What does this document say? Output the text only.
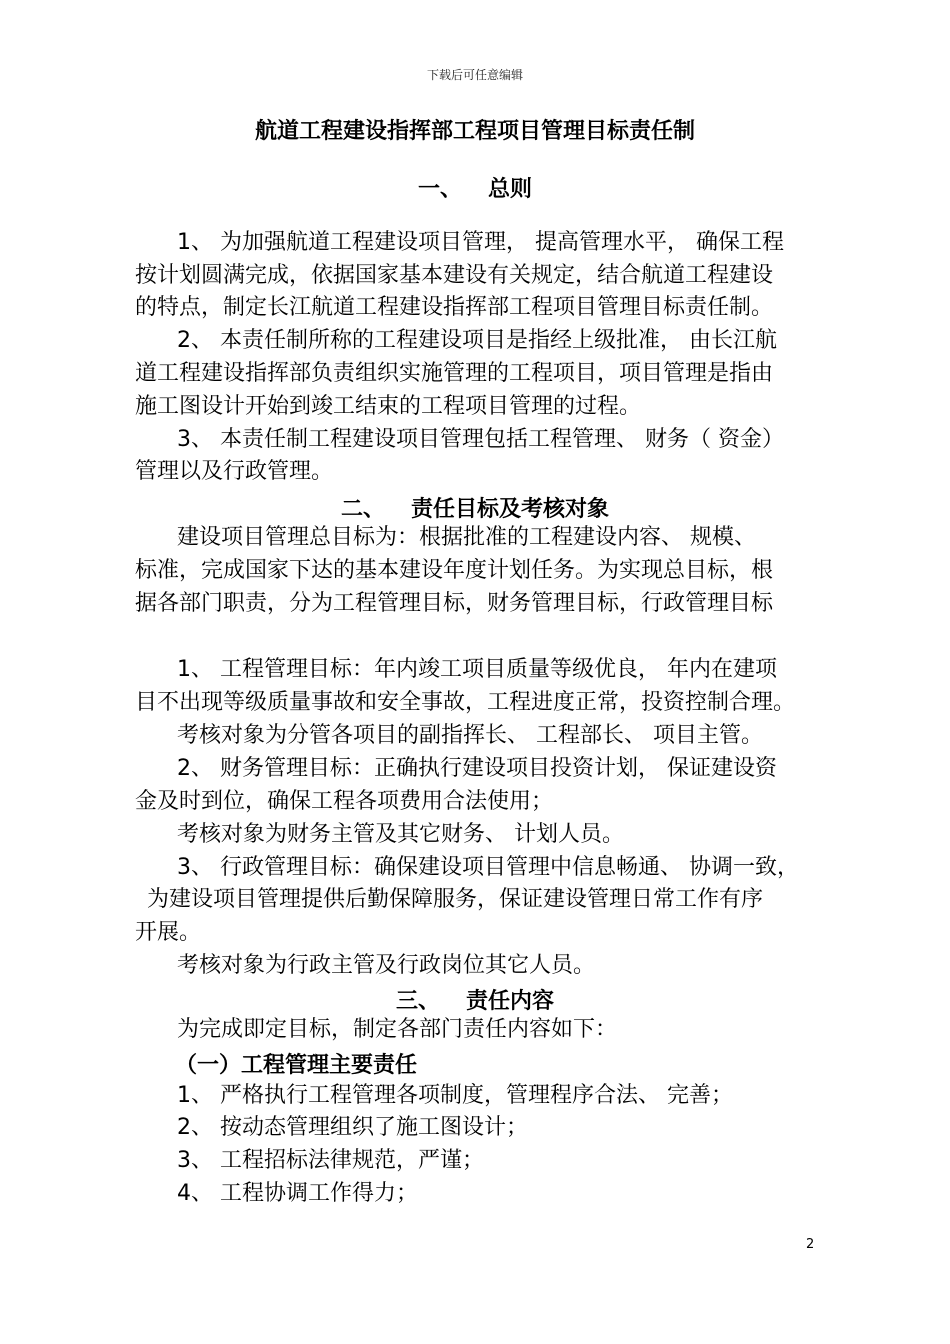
下载后可任意编辑
航道工程建设指挥部工程项目管理目标责任制
一、 总则
1、 为加强航道工程建设项目管理， 提高管理水平， 确保工程
按计划圆满完成，依据国家基本建设有关规定，结合航道工程建设
的特点，制定长江航道工程建设指挥部工程项目管理目标责任制。
2、 本责任制所称的工程建设项目是指经上级批准， 由长江航
道工程建设指挥部负责组织实施管理的工程项目，项目管理是指由
施工图设计开始到竣工结束的工程项目管理的过程。
3、 本责任制工程建设项目管理包括工程管理、 财务（ 资金）
管理以及行政管理。
二、 责任目标及考核对象
建设项目管理总目标为：根据批准的工程建设内容、 规模、
标准，完成国家下达的基本建设年度计划任务。为实现总目标，根
据各部门职责，分为工程管理目标，财务管理目标，行政管理目标
1、 工程管理目标：年内竣工项目质量等级优良， 年内在建项
目不出现等级质量事故和安全事故，工程进度正常，投资控制合理。
考核对象为分管各项目的副指挥长、 工程部长、 项目主管。
2、 财务管理目标：正确执行建设项目投资计划， 保证建设资
金及时到位，确保工程各项费用合法使用；
考核对象为财务主管及其它财务、 计划人员。
3、 行政管理目标：确保建设项目管理中信息畅通、 协调一致，
为建设项目管理提供后勤保障服务，保证建设管理日常工作有序
开展。
考核对象为行政主管及行政岗位其它人员。
三、 责任内容
为完成即定目标，制定各部门责任内容如下：
（一）工程管理主要责任
1、 严格执行工程管理各项制度，管理程序合法、 完善；
2、 按动态管理组织了施工图设计；
3、 工程招标法律规范，严谨；
4、 工程协调工作得力；
2
